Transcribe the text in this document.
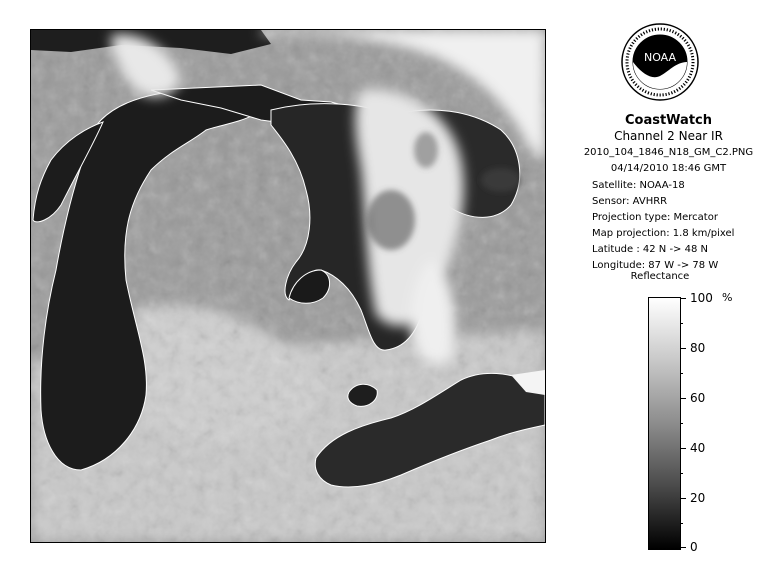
NOAA
CoastWatch
Channel 2 Near IR
2010_104_1846_N18_GM_C2.PNG
04/14/2010 18:46 GMT
Satellite: NOAA-18
Sensor: AVHRR
Projection type: Mercator
Map projection: 1.8 km/pixel
Latitude : 42 N -> 48 N
Longitude: 87 W -> 78 W
Reflectance
%
100
80
60
40
20
0
